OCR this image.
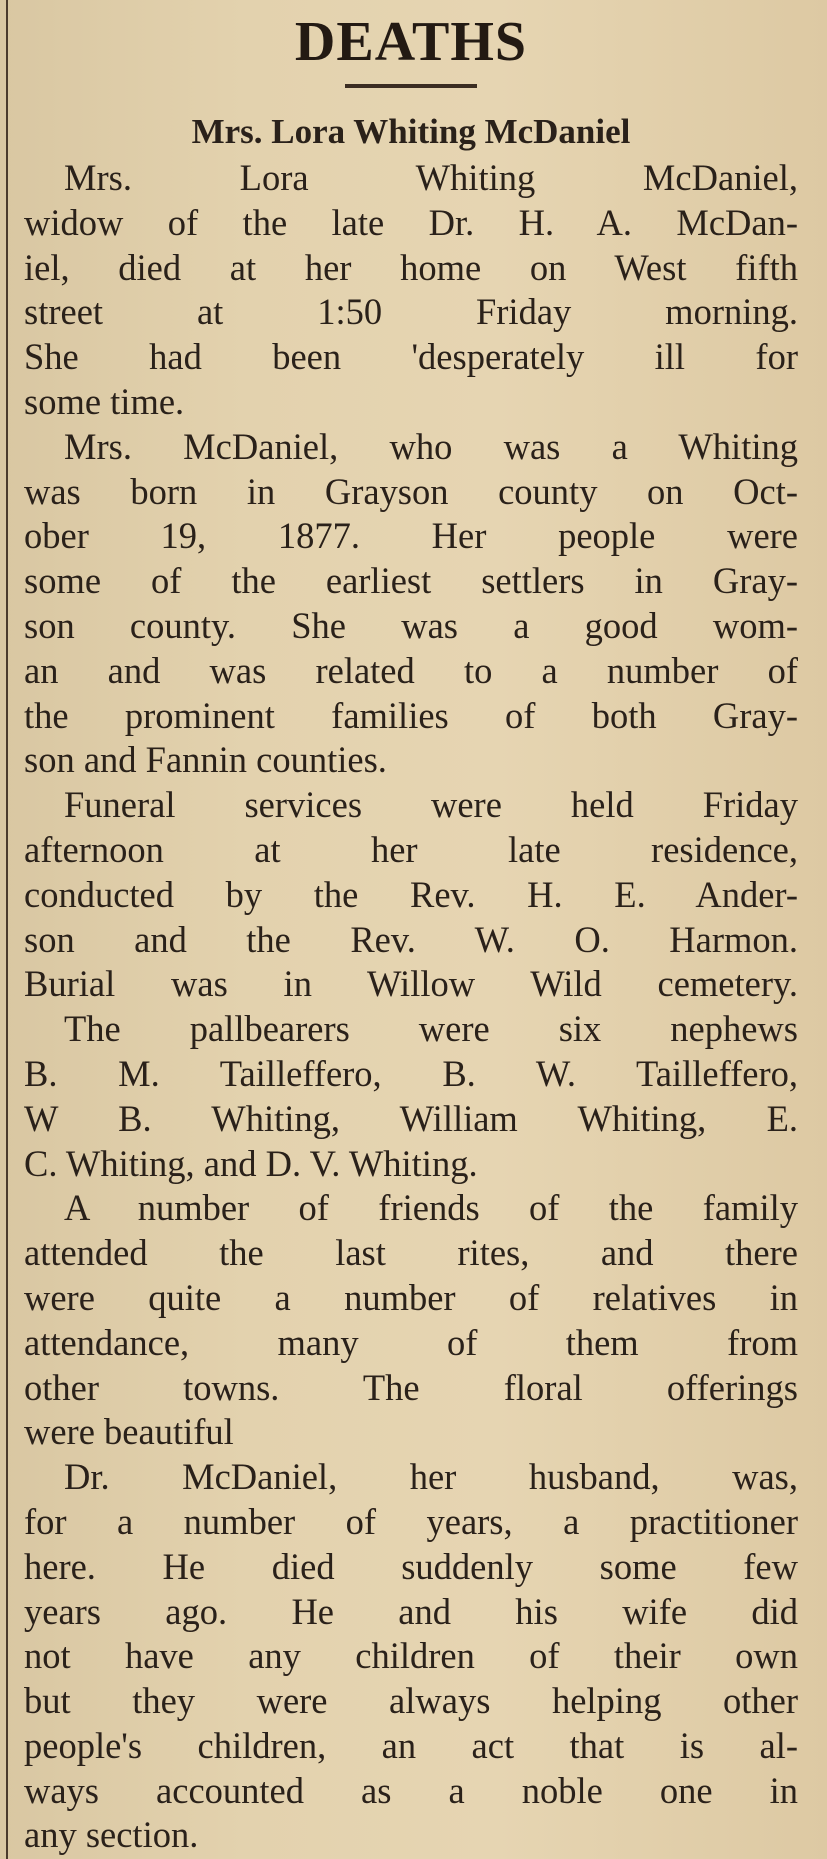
DEATHS
Mrs. Lora Whiting McDaniel
Mrs. Lora Whiting McDaniel,
widow of the late Dr. H. A. McDan-
iel, died at her home on West fifth
street at 1:50 Friday morning.
She had been 'desperately ill for
some time.
Mrs. McDaniel, who was a Whiting
was born in Grayson county on Oct-
ober 19, 1877. Her people were
some of the earliest settlers in Gray-
son county. She was a good wom-
an and was related to a number of
the prominent families of both Gray-
son and Fannin counties.
Funeral services were held Friday
afternoon at her late residence,
conducted by the Rev. H. E. Ander-
son and the Rev. W. O. Harmon.
Burial was in Willow Wild cemetery.
The pallbearers were six nephews
B. M. Tailleffero, B. W. Tailleffero,
W B. Whiting, William Whiting, E.
C. Whiting, and D. V. Whiting.
A number of friends of the family
attended the last rites, and there
were quite a number of relatives in
attendance, many of them from
other towns. The floral offerings
were beautiful
Dr. McDaniel, her husband, was,
for a number of years, a practitioner
here. He died suddenly some few
years ago. He and his wife did
not have any children of their own
but they were always helping other
people's children, an act that is al-
ways accounted as a noble one in
any section.
